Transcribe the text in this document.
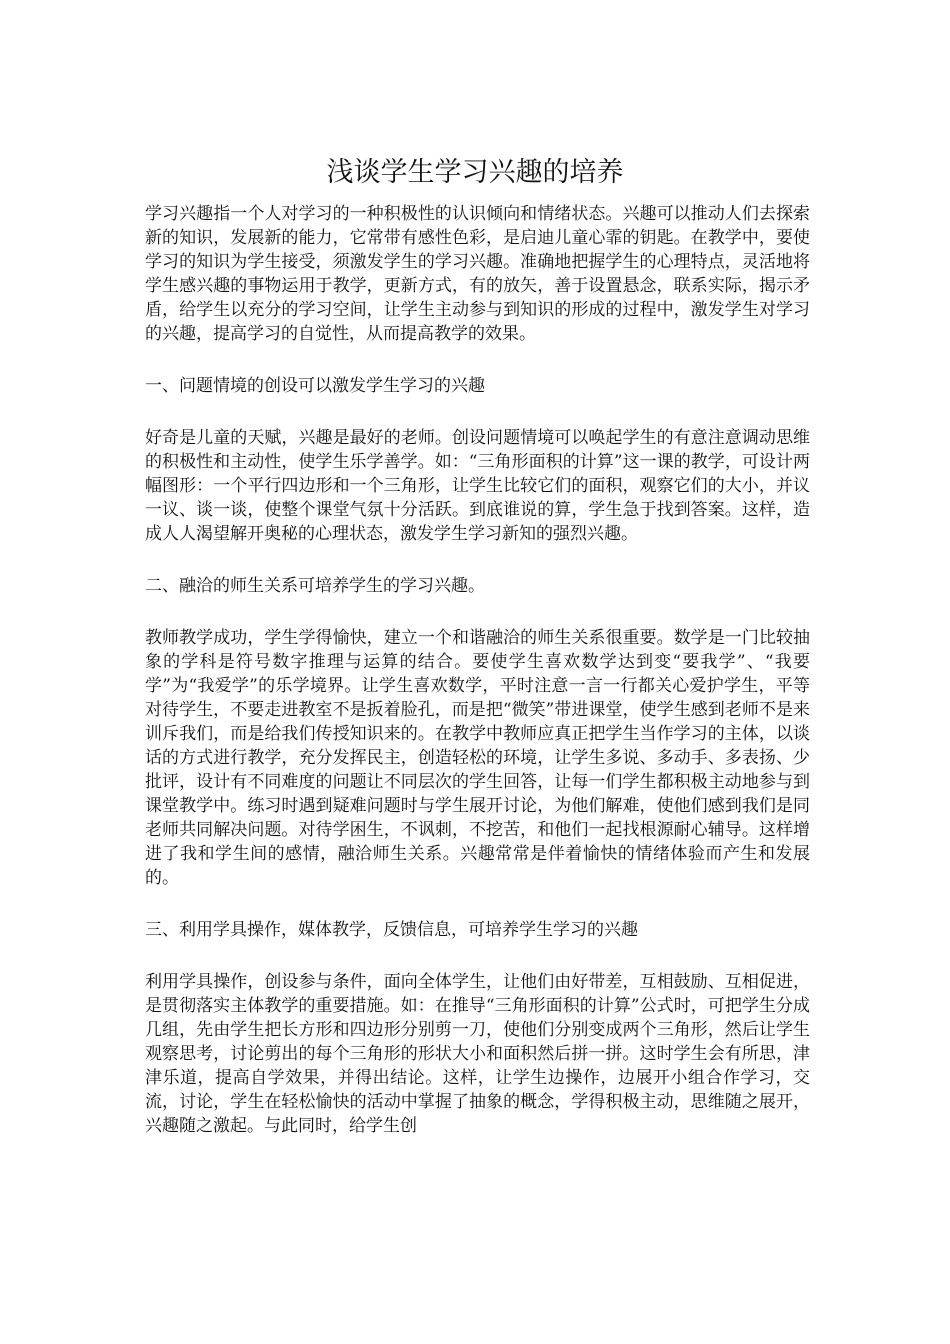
浅谈学生学习兴趣的培养

学习兴趣指一个人对学习的一种积极性的认识倾向和情绪状态。兴趣可以推动人们去探索新的知识，发展新的能力，它常带有感性色彩，是启迪儿童心霏的钥匙。在教学中，要使学习的知识为学生接受，须激发学生的学习兴趣。准确地把握学生的心理特点，灵活地将学生感兴趣的事物运用于教学，更新方式，有的放矢，善于设置悬念，联系实际，揭示矛盾，给学生以充分的学习空间，让学生主动参与到知识的形成的过程中，激发学生对学习的兴趣，提高学习的自觉性，从而提高教学的效果。

一、问题情境的创设可以激发学生学习的兴趣

好奇是儿童的天赋，兴趣是最好的老师。创设问题情境可以唤起学生的有意注意调动思维的积极性和主动性，使学生乐学善学。如：“三角形面积的计算”这一课的教学，可设计两幅图形：一个平行四边形和一个三角形，让学生比较它们的面积，观察它们的大小，并议一议、谈一谈，使整个课堂气氛十分活跃。到底谁说的算，学生急于找到答案。这样，造成人人渴望解开奥秘的心理状态，激发学生学习新知的强烈兴趣。

二、融洽的师生关系可培养学生的学习兴趣。

教师教学成功，学生学得愉快，建立一个和谐融洽的师生关系很重要。数学是一门比较抽象的学科是符号数字推理与运算的结合。要使学生喜欢数学达到变“要我学”、“我要学”为“我爱学”的乐学境界。让学生喜欢数学，平时注意一言一行都关心爱护学生，平等对待学生，不要走进教室不是扳着脸孔，而是把“微笑”带进课堂，使学生感到老师不是来训斥我们，而是给我们传授知识来的。在教学中教师应真正把学生当作学习的主体，以谈话的方式进行教学，充分发挥民主，创造轻松的环境，让学生多说、多动手、多表扬、少批评，设计有不同难度的问题让不同层次的学生回答，让每一们学生都积极主动地参与到课堂教学中。练习时遇到疑难问题时与学生展开讨论，为他们解难，使他们感到我们是同老师共同解决问题。对待学困生，不讽刺，不挖苦，和他们一起找根源耐心辅导。这样增进了我和学生间的感情，融洽师生关系。兴趣常常是伴着愉快的情绪体验而产生和发展的。

三、利用学具操作，媒体教学，反馈信息，可培养学生学习的兴趣

利用学具操作，创设参与条件，面向全体学生，让他们由好带差，互相鼓励、互相促进，是贯彻落实主体教学的重要措施。如：在推导“三角形面积的计算”公式时，可把学生分成几组，先由学生把长方形和四边形分别剪一刀，使他们分别变成两个三角形，然后让学生观察思考，讨论剪出的每个三角形的形状大小和面积然后拼一拼。这时学生会有所思，津津乐道，提高自学效果，并得出结论。这样，让学生边操作，边展开小组合作学习，交流，讨论，学生在轻松愉快的活动中掌握了抽象的概念，学得积极主动，思维随之展开，兴趣随之激起。与此同时，给学生创
